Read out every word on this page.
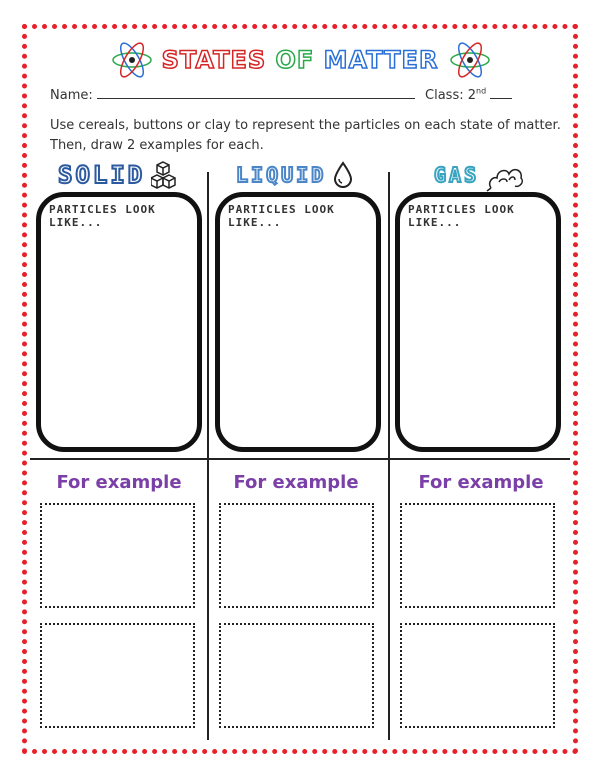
STATES OF MATTER
Name:	Class: 2nd
Use cereals, buttons or clay to represent the particles on each state of matter. Then, draw 2 examples for each.
SOLID
PARTICLES LOOK LIKE...
For example
LIQUID
PARTICLES LOOK LIKE...
For example
GAS
PARTICLES LOOK LIKE...
For example
